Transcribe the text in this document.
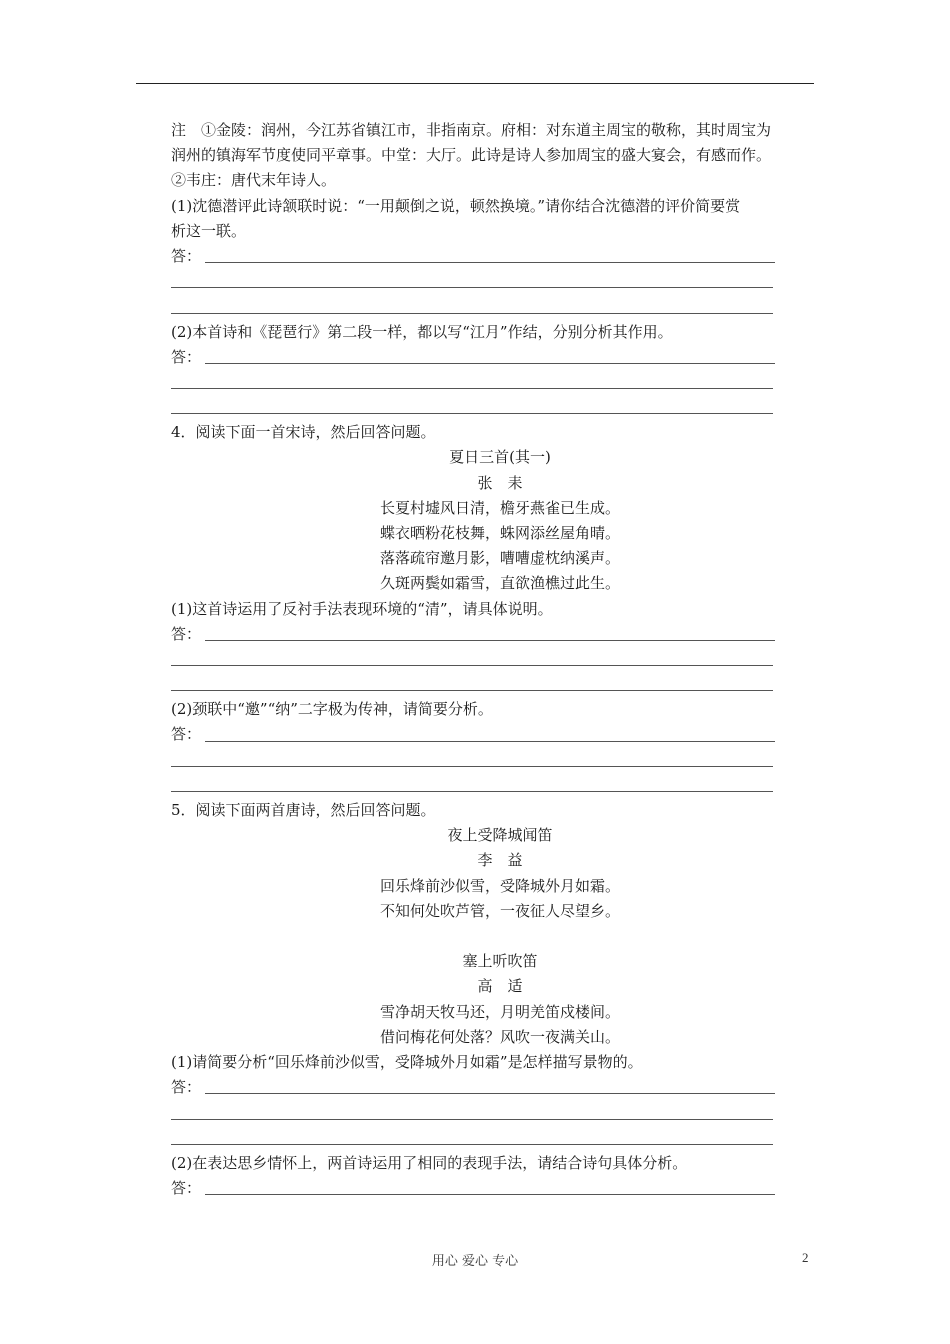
注　①金陵：润州，今江苏省镇江市，非指南京。府相：对东道主周宝的敬称，其时周宝为
润州的镇海军节度使同平章事。中堂：大厅。此诗是诗人参加周宝的盛大宴会，有感而作。
②韦庄：唐代末年诗人。
(1)沈德潜评此诗颔联时说：“一用颠倒之说，顿然换境。”请你结合沈德潜的评价简要赏
析这一联。
答：
(2)本首诗和《琵琶行》第二段一样，都以写“江月”作结，分别分析其作用。
答：
4．阅读下面一首宋诗，然后回答问题。
夏日三首(其一)
张　耒
长夏村墟风日清，檐牙燕雀已生成。
蝶衣晒粉花枝舞，蛛网添丝屋角晴。
落落疏帘邀月影，嘈嘈虚枕纳溪声。
久斑两鬓如霜雪，直欲渔樵过此生。
(1)这首诗运用了反衬手法表现环境的“清”，请具体说明。
答：
(2)颈联中“邀”“纳”二字极为传神，请简要分析。
答：
5．阅读下面两首唐诗，然后回答问题。
夜上受降城闻笛
李　益
回乐烽前沙似雪，受降城外月如霜。
不知何处吹芦管，一夜征人尽望乡。
塞上听吹笛
高　适
雪净胡天牧马还，月明羌笛戍楼间。
借问梅花何处落？风吹一夜满关山。
(1)请简要分析“回乐烽前沙似雪，受降城外月如霜”是怎样描写景物的。
答：
(2)在表达思乡情怀上，两首诗运用了相同的表现手法，请结合诗句具体分析。
答：
用心 爱心 专心	2
